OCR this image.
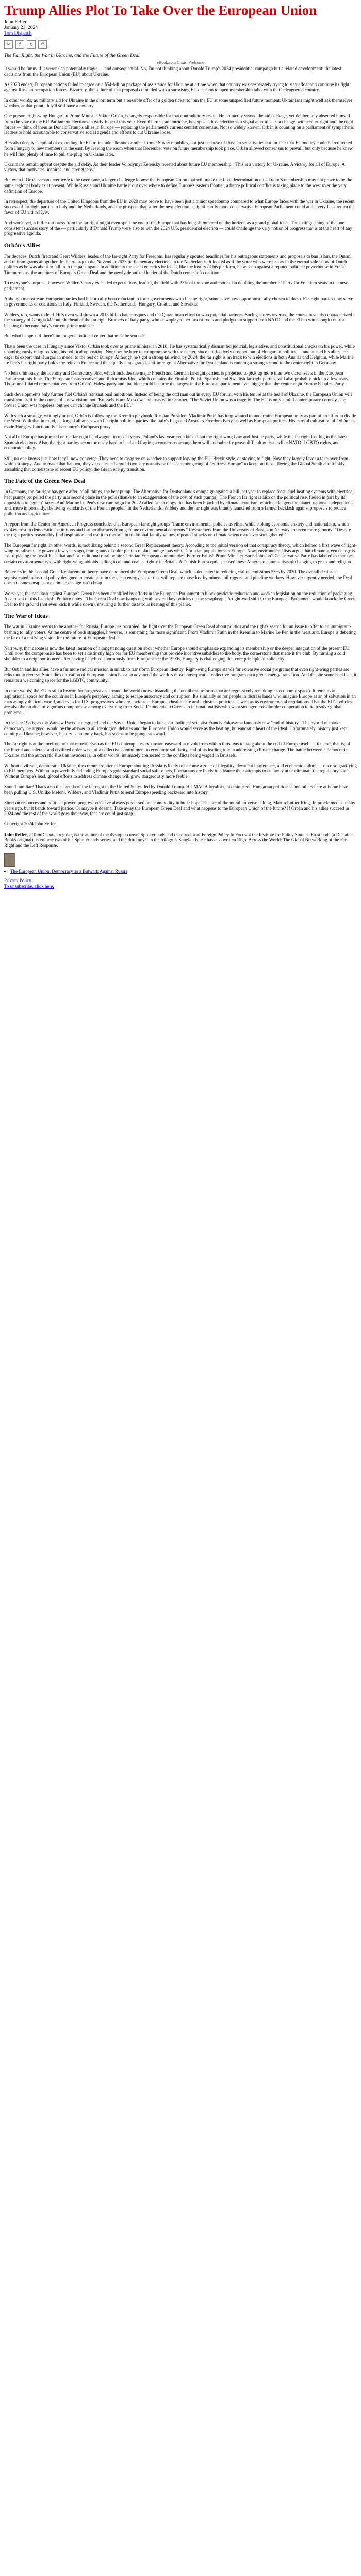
Trump Allies Plot To Take Over the European Union
John Feffer
January 23, 2024
Tom Dispatch
✉	f	t	⎙
The Far Right, the War in Ukraine, and the Future of the Green Deal
eBook.com Crisis_Welcome

It would be funny if it weren't so potentially tragic — and consequential. No, I'm not thinking about Donald Trump's 2024 presidential campaign but a related development: the latest decisions from the European Union (EU) about Ukraine.

As 2023 ended, European nations failed to agree on a $54-billion package of assistance for Ukraine at a time when that country was desperately trying to stay afloat and continue its fight against Russian occupation forces. Bizarrely, the failure of that proposal coincided with a surprising EU decision to open membership talks with that beleaguered country.

In other words, no military aid for Ukraine in the short term but a possible offer of a golden ticket to join the EU at some unspecified future moment. Ukrainians might well ask themselves whether, at that point, they'll still have a country.

One person, right-wing Hungarian Prime Minister Viktor Orbán, is largely responsible for that contradictory result. He pointedly vetoed the aid package, yet deliberately absented himself from the vote on the EU Parliament elections in early June of this year. Even the rules are intricate, he expects those elections to signal a political sea change, with center-right and the right forces — think of them as Donald Trump's allies in Europe — replacing the parliament's current centrist consensus. Not so widely known, Orbán is counting on a parliament of sympathetic leaders to hold accountable to conservative social agenda and efforts to cut Ukraine loose.

He's also deeply skeptical of expanding the EU to include Ukraine or other former Soviet republics, not just because of Russian sensitivities but for fear that EU money could be redirected from Hungary to new members in the east. By leaving the room when that December vote on future membership took place, Orbán allowed consensus to prevail, but only because he knew he will find plenty of time to pull the plug on Ukraine later.

Ukrainians remain upbeat despite the aid delay. As their leader Volodymyr Zelensky tweeted about future EU membership, "This is a victory for Ukraine. A victory for all of Europe. A victory that motivates, inspires, and strengthens."

But even if Orbán's maneuver were to be overcome, a larger challenge looms: the European Union that will make the final determination on Ukraine's membership may not prove to be the same regional body as at present. While Russia and Ukraine battle it out over where to define Europe's eastern frontier, a fierce political conflict is taking place to the west over the very definition of Europe.

In retrospect, the departure of the United Kingdom from the EU in 2020 may prove to have been just a minor speedbump compared to what Europe faces with the war in Ukraine, the recent success of far-right parties in Italy and the Netherlands, and the prospect that, after the next election, a significantly more conservative European Parliament could at the very least return the favor of EU aid to Kyiv.

And worse yet, a full-court press from the far right might even spell the end of the Europe that has long shimmered on the horizon as a grand global ideal. The extinguishing of the one consistent success story of the — particularly if Donald Trump were also to win the 2024 U.S. presidential election — could challenge the very notion of progress that is at the heart of any progressive agenda.

Orbán's Allies

For decades, Dutch firebrand Geert Wilders, leader of the far-right Party for Freedom, has regularly spouted headlines for his outrageous statements and proposals to ban Islam, the Quran, and re immigrants altogether. In the run-up to the November 2023 parliamentary elections in the Netherlands, it looked as if the voter who were just as in the eternal side-show of Dutch politics as he was about to fall in to the pack again. In addition to the usual eclectics he faced, like the luxury of his platform, he was up against a reputed political powerhouse in Frans Timmermans, the architect of Europe's Green Deal and the newly deputized leader of the Dutch center-left coalition.

To everyone's surprise, however, Wilders's party exceeded expectations, leading the field with 23% of the vote and more than doubling the number of Party for Freedom seats in the new parliament.

Although mainstream European parties had historically been reluctant to form governments with far-the right, some have now opportunistically chosen to do so. Far-right parties now serve in governments or coalitions in Italy, Finland, Sweden, the Netherlands, Hungary, Croatia, and Slovakia.

Wilders, too, wants to lead. He's even withdrawn a 2018 bill to ban mosques and the Quran in an effort to woo potential partners. Such gestures reversed the course have also characterized the strategy of Giorgia Meloni, the head of the far-right Brothers of Italy party, who downplayed her fascist roots and pledged to support both NATO and the EU to win enough centrist backing to become Italy's current prime minister.

But what happens if there's no longer a political center that must be wooed?

That's been the case in Hungary since Viktor Orbán took over as prime minister in 2010. He has systematically dismantled judicial, legislative, and constitutional checks on his power, while unambiguously marginalizing his political opposition. Nor does he have to compromise with the center, since it effectively dropped out of Hungarian politics — and he and his allies are eager to export that Hungarian model to the rest of Europe. Although he's got a strong tailwind, by 2024, the far right is on track to win elections in both Austria and Belgium, while Marine Le Pen's far-right party holds the reins in France and the equally anteegrated, anti-immigrant Alternative für Deutschland is running a strong second to the center-right in Germany.

No less ominously, the Identity and Democracy bloc, which includes the major French and German far-right parties, is projected to pick up more than two dozen seats in the European Parliament this June. The European Conservatives and Reformists bloc, which contains the Finnish, Polish, Spanish, and Swedish far-right parties, will also probably pick up a few seats. Those unaffiliated representatives from Orbán's Fidesz party and that bloc could become the largest in the European parliament even bigger than the center-right Europe People's Party.

Such developments only further fuel Orbán's transnational ambitions. Instead of being the odd man out in every EU forum, with his tenure at the head of Ukraine, the European Union will transform itself in the course of a new vision: not "Brussels is not Moscow," he insisted in October. "The Soviet Union was a tragedy. The EU is only a mild contemporary comedy. The Soviet Union was hopeless, but we can change Brussels and the EU."

With such a strategy, wittingly or not, Orbán is following the Kremlin playbook. Russian President Vladimir Putin has long wanted to undermine European unity as part of an effort to divide the West. With that in mind, he forged alliances with far-right political parties like Italy's Lega and Austria's Freedom Party, as well as European politics. His careful cultivation of Orbán has made Hungary functionally his country's European proxy.

Not all of Europe has jumped on the far-right bandwagon, in recent years. Poland's last year even kicked out the right-wing Law and Justice party, while the far right lost big in the latest Spanish elections. Also, the right parties are notoriously hard to lead and forging a consensus among them will undoubtedly prove difficult on issues like NATO, LGBTQ rights, and economic policy.

Still, no one knows just how they'll now converge. They need to disagree on whether to support leaving the EU, Brexit-style, or staying to fight. Now they largely favor a take-over-from-within strategy. And to make that happen, they've coalesced around two key narratives: the scaremongering of "Fortress Europe" to keep out those fleeing the Global South and frankly assaulting that cornerstone of recent EU policy: the Green energy transition.

The Fate of the Green New Deal

In Germany, the far right has gone after, of all things, the heat pump. The Alternative for Deutschland's campaign against a bill last year to replace fossil-fuel heating systems with electrical heat pumps propelled the party into second place in the polls (thanks to an exaggeration of the cost of such pumps). The French far right is also on the political rise, fueled in part by its opposition to "green" taxes. And Marine Le Pen's new campaign for 2022 called "an ecology that has been hijacked by climate terrorism, which endangers the planet, national independence and, more importantly, the living standards of the French people." In the Netherlands, Wilders and the far right was bluntly launched from a farmer backlash against proposals to reduce pollution and agriculture.

A report from the Center for American Progress concludes that European far-right groups "frame environmental policies as elitist while stoking economic anxiety and nationalism, which evokes trust in democratic institutions and further distracts from genuine environmental concerns." Researchers from the University of Bergen in Norway are even more gloomy: "Despite the right parties reasonably find inspiration and use it to rhetoric in traditional family values, repeated attacks on climate science are ever strengthened."

The European far right, in other words, is mobilizing behind a second Great Replacement theory. According to the initial version of that conspiracy theory, which helped a first wave of right-wing populism take power a few years ago, immigrants of color plan to replace indigenous white Christian populations in Europe. Now, environmentalists argue that climate-green energy is fast replacing the fossil fuels that anchor traditional rural, white Christian European communities. Former British Prime Minister Boris Johnson's Conservative Party has labeled as maniacs certain environmentalists, with right-wing tabloids calling to oil and coal as rightly in Britain. A Danish Eurosceptic accused these American communists of changing to grass and religion.

Believers in this second Great Replacement theory have denounced the European Green Deal, which is dedicated to reducing carbon emissions 55% by 2030. The overall deal is a sophisticated industrial policy designed to create jobs in the clean energy sector that will replace those lost by miners, oil riggers, and pipeline workers. However urgently needed, the Deal doesn't come cheap, since climate change isn't cheap.

Worse yet, the backlash against Europe's Green has been amplified by efforts in the European Parliament to block pesticide reduction and weaken legislation on the reduction of packaging. As a result of this backlash, Politico notes, "The Green Deal now hangs on, with several key policies on the scrapheap." A right-wed shift in the European Parliament would knock the Green Deal to the ground (not even kick it while down), ensuring a further disastrous heating of this planet.

The War of Ideas

The war in Ukraine seems to be another for Russia. Europe has occupied, the fight over the European Green Deal about politics and the right's search for an issue to offer to an immigrant-bashing to rally voters. At the centre of both struggles, however, is something far more significant. From Vladimir Putin in the Kremlin to Marine Le Pen in the heartland, Europe is debating the fate of a unifying vision for the future of European ideals.

Narrowly, that debate is now the latest iteration of a longstanding question about whether Europe should emphasize expanding its membership or the deeper integration of the present EU. Until now, the compromise has been to set a distinctly high bar for EU membership that provide incentive subsidies to the body, the cornerstone that made it the club. By turning a cold shoulder to a neighbor in need after having benefited enormously from Europe since the 1990s, Hungary is challenging that core principle of solidarity.

But Orbán and his allies have a far more radical mission in mind: to transform European identity. Right-wing Europe stands for extensive social programs that even right-wing parties are reluctant to reverse. Since the cultivation of European Union has also advanced the world's most consequential collective program on a green energy transition. And despite some backlash, it remains a welcoming space for the LGBTQ community.

In other words, the EU is still a beacon for progressives around the world (notwithstanding the neoliberal reforms that are regressively remaking its economic space). It remains an aspirational space for the countries in Europe's periphery, aiming to escape autocracy and corruption. It's similarly so for people in distress lands who imagine Europe as an of salvation in an increasingly difficult world, and even for U.S. progressives who are envious of European health care and industrial policies, as well as its environmental regulations. That the EU's policies are also the product of vigorous compromise among everything from Social Democrats to Greens to internationalists who want stronger cross-border cooperation to help solve global problems.

In the late 1980s, as the Warsaw Pact disintegrated and the Soviet Union began to fall apart, political scientist Francis Fukuyama famously saw "end of history." The hybrid of market democracy, he argued, would be the answer to all ideological debates and the European Union would serve as the beating, bureaucratic heart of the ideal. Unfortunately, history just kept coming at Ukraine; however, history is not only back, but seems to be going backward.

The far right is at the forefront of that retreat. Even as the EU contemplates expansion eastward, a revolt from within threatens to hang about the end of Europe itself — the end, that is, of the liberal and tolerant and civilized order wise, of a collective commitment to economic solidarity, and of its leading role in addressing climate change. The battle between a democratic Ukraine and the autocratic Russian invaders is, in other words, intimately connected to the conflicts being waged in Brussels.

Without a vibrant, democratic Ukraine, the cramm frontier of Europe abutting Russia is likely to become a zone of illegality, decadent intolerance, and economic failure — once so gratifying to EU members. Without a powerfully defending Europe's gold-standard social safety nets, libertarians are likely to advance their attempts to cut away at or eliminate the regulatory state. Without Europe's lead, global efforts to address climate change will grow dangerously more feeble.

Sound familiar? That's also the agenda of the far right in the United States, led by Donald Trump. His MAGA loyalists, his ministers, Hungarian politicians and others here at home have been pulling U.S. Unlike Meloni, Wilders, and Vladimir Putin to send Europe speeding backward into history.

Short on resources and political power, progressives have always possessed one commodity in bulk: hope. The arc of the moral universe is long, Martin Luther King, Jr. proclaimed so many years ago, but it bends toward justice. Or maybe it doesn't. Take away the European Green Deal and what happens to the European Union of the future? If Orbán and his allies succeed in 2024 and the rest of the world goes their way, that arc could just snap.

Copyright 2024 John Feffer

John Feffer, a TomDispatch regular, is the author of the dystopian novel Splinterlands and the director of Foreign Policy In Focus at the Institute for Policy Studies. Frostlands (a Dispatch Books original), is volume two of his Splinterlands series, and the third novel in the trilogy is Songlands. He has also written Right Across the World: The Global Networking of the Far-Right and the Left Response.

• The European Union: Democracy as a Bulwark Against Russia
Privacy Policy
To unsubscribe, click here.
